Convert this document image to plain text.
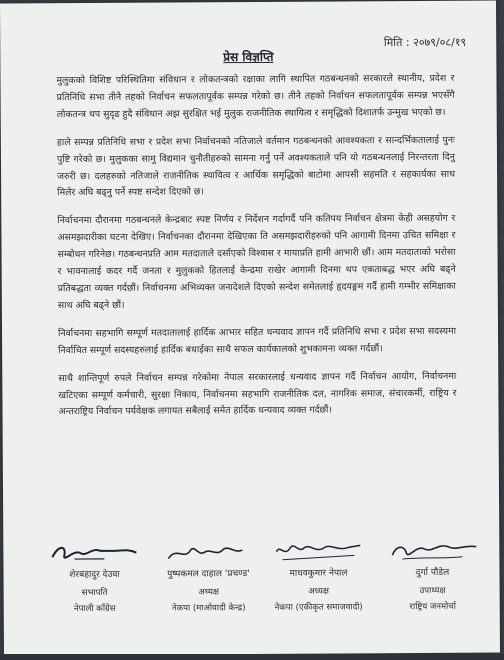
मिति : २०७९/०८/१९
प्रेस विज्ञप्ति

मुलुकको विशिष्ट परिस्थितिमा संविधान र लोकतन्त्रको रक्षाका लागि स्थापित गठबन्धनको सरकारले स्थानीय, प्रदेश र प्रतिनिधि सभा तीनै तहको निर्वाचन सफलतापूर्वक सम्पन्न गरेको छ। तीनै तहको निर्वाचन सफलतापूर्वक सम्पन्न भएसँगै लोकतन्त्र थप सुदृढ हुदै संविधान अझ सुरक्षित भई मुलुक राजनीतिक स्थायित्व र समृद्धिको दिशातर्फ उन्मुख भएको छ।

हाले सम्पन्न प्रतिनिधि सभा र प्रदेश सभा निर्वाचनको नतिजाले वर्तमान गठबन्धनको आवश्यकता र सान्दर्भिकतालाई पुनः पुष्टि गरेको छ। मुलुकका सामु विद्यमान चुनौतीहरुको सामना गर्नु पर्ने अवश्यकताले पनि यो गठबन्धनलाई निरन्तरता दिनु जरुरी छ। दलहरुको नतिजाले राजनीतिक स्थायित्व र आर्थिक समृद्धिको बाटोमा आपसी सहमति र सहकार्यका साथ मिलेर अघि बढ्नु पर्ने स्पष्ट सन्देश दिएको छ।

निर्वाचनमा दौरानमा गठबन्धनले केन्द्रबाट स्पष्ट निर्णय र निर्देशन गर्दागर्दै पनि कतिपय निर्वाचन क्षेत्रमा केही असहयोग र असमझदारीका घटना देखिए। निर्वाचनका दौरानमा देखिएका ति असमझदारीहरुको पनि आगामी दिनमा उचित समिक्षा र सम्बोधन गरिनेछ। गठबन्धनप्रति आम मतदाताले दर्साएको विश्वास र मायाप्रति हामी आभारी छौं। आम मतदाताको भरोसा र भावनालाई कदर गर्दै जनता र मुलुकको हितलाई केन्द्रमा राखेर आगामी दिनमा थप एकताबद्ध भएर अघि बढ्ने प्रतिबद्धता व्यक्त गर्दछौं। निर्वाचनमा अभिव्यक्त जनादेशले दिएको सन्देश समेतलाई हृदयङ्गम गर्दै हामी गम्भीर समिक्षाका साथ अघि बढ्ने छौं।

निर्वाचनमा सहभागि सम्पूर्ण मतदातालाई हार्दिक आभार सहित धन्यवाद ज्ञापन गर्दै प्रतिनिधि सभा र प्रदेश सभा सदस्यमा निर्वाचित सम्पूर्ण सदस्यहरुलाई हार्दिक बधाईका साथै सफल कार्यकालको शुभकामना व्यक्त गर्दछौं।

साथै शान्तिपूर्ण रुपले निर्वाचन सम्पन्न गरेकोमा नेपाल सरकारलाई धन्यवाद ज्ञापन गर्दै निर्वाचन आयोग, निर्वाचनमा खटिएका सम्पूर्ण कर्मचारी, सुरक्षा निकाय, निर्वाचनमा सहभागि राजनीतिक दल, नागरिक समाज, संचारकर्मी, राष्ट्रिय र अन्तराष्ट्रिय निर्वाचन पर्यवेक्षक लगायत सबैलाई समेत हार्दिक धन्यवाद व्यक्त गर्दछौं।

शेरबहादुर देउवा
सभापति
नेपाली काँग्रेस
पुष्पकमल दाहाल 'प्रचण्ड'
अध्यक्ष
नेकपा (माओवादी केन्द्र)
माधवकुमार नेपाल
अध्यक्ष
नेकपा (एकीकृत समाजवादी)
दुर्गा पौडेल
उपाध्यक्ष
राष्ट्रिय जनमोर्चा
